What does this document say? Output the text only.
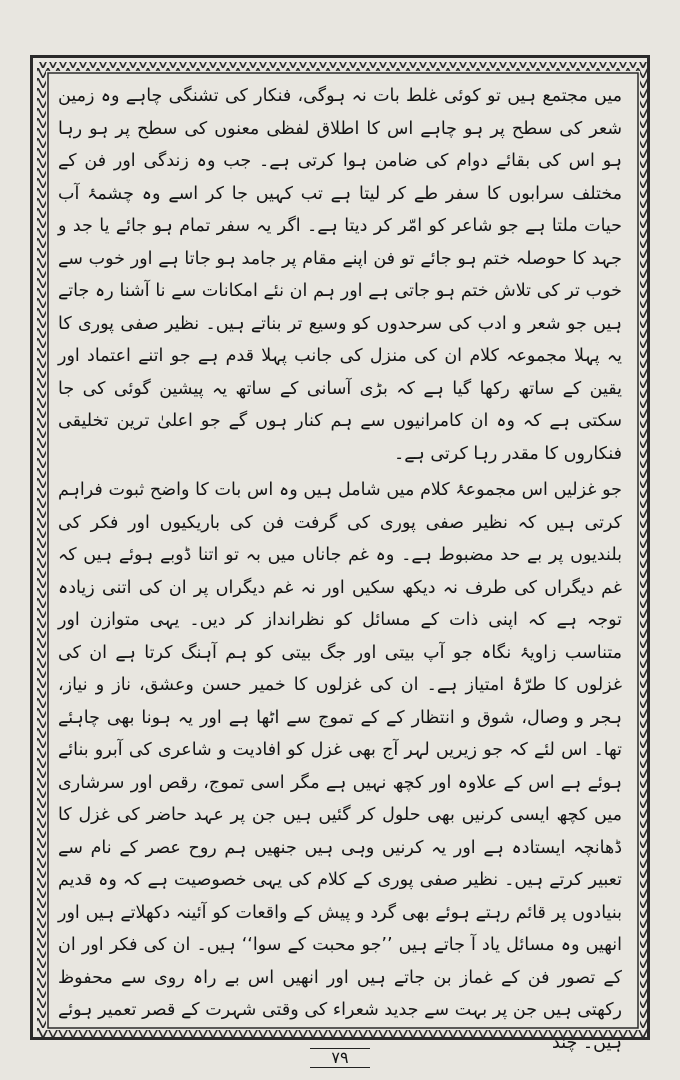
میں مجتمع ہیں تو کوئی غلط بات نہ ہوگی، فنکار کی تشنگی چاہے وہ زمین شعر کی سطح پر ہو چاہے اس کا اطلاق لفظی معنوں کی سطح پر ہو رہا ہو اس کی بقائے دوام کی ضامن ہوا کرتی ہے۔ جب وہ زندگی اور فن کے مختلف سرابوں کا سفر طے کر لیتا ہے تب کہیں جا کر اسے وہ چشمۂ آب حیات ملتا ہے جو شاعر کو امّر کر دیتا ہے۔ اگر یہ سفر تمام ہو جائے یا جد و جہد کا حوصلہ ختم ہو جائے تو فن اپنے مقام پر جامد ہو جاتا ہے اور خوب سے خوب تر کی تلاش ختم ہو جاتی ہے اور ہم ان نئے امکانات سے نا آشنا رہ جاتے ہیں جو شعر و ادب کی سرحدوں کو وسیع تر بناتے ہیں۔ نظیر صفی پوری کا یہ پہلا مجموعہ کلام ان کی منزل کی جانب پہلا قدم ہے جو اتنے اعتماد اور یقین کے ساتھ رکھا گیا ہے کہ بڑی آسانی کے ساتھ یہ پیشین گوئی کی جا سکتی ہے کہ وہ ان کامرانیوں سے ہم کنار ہوں گے جو اعلیٰ ترین تخلیقی فنکاروں کا مقدر رہا کرتی ہے۔

جو غزلیں اس مجموعۂ کلام میں شامل ہیں وہ اس بات کا واضح ثبوت فراہم کرتی ہیں کہ نظیر صفی پوری کی گرفت فن کی باریکیوں اور فکر کی بلندیوں پر بے حد مضبوط ہے۔ وہ غم جاناں میں بہ تو اتنا ڈوبے ہوئے ہیں کہ غم دیگراں کی طرف نہ دیکھ سکیں اور نہ غم دیگراں پر ان کی اتنی زیادہ توجہ ہے کہ اپنی ذات کے مسائل کو نظرانداز کر دیں۔ یہی متوازن اور متناسب زاویۂ نگاہ جو آپ بیتی اور جگ بیتی کو ہم آہنگ کرتا ہے ان کی غزلوں کا طرّۂ امتیاز ہے۔ ان کی غزلوں کا خمیر حسن وعشق، ناز و نیاز، ہجر و وصال، شوق و انتظار کے کے تموج سے اٹھا ہے اور یہ ہونا بھی چاہئے تھا۔ اس لئے کہ جو زیریں لہر آج بھی غزل کو افادیت و شاعری کی آبرو بنائے ہوئے ہے اس کے علاوہ اور کچھ نہیں ہے مگر اسی تموج، رقص اور سرشاری میں کچھ ایسی کرنیں بھی حلول کر گئیں ہیں جن پر عہد حاضر کی غزل کا ڈھانچہ ایستادہ ہے اور یہ کرنیں وہی ہیں جنھیں ہم روح عصر کے نام سے تعبیر کرتے ہیں۔ نظیر صفی پوری کے کلام کی یہی خصوصیت ہے کہ وہ قدیم بنیادوں پر قائم رہتے ہوئے بھی گرد و پیش کے واقعات کو آئینہ دکھلاتے ہیں اور انھیں وہ مسائل یاد آ جاتے ہیں ’’جو محبت کے سوا‘‘ ہیں۔ ان کی فکر اور ان کے تصور فن کے غماز بن جاتے ہیں اور انھیں اس بے راہ روی سے محفوظ رکھتی ہیں جن پر بہت سے جدید شعراء کی وقتی شہرت کے قصر تعمیر ہوئے ہیں۔ چند

٧٩
